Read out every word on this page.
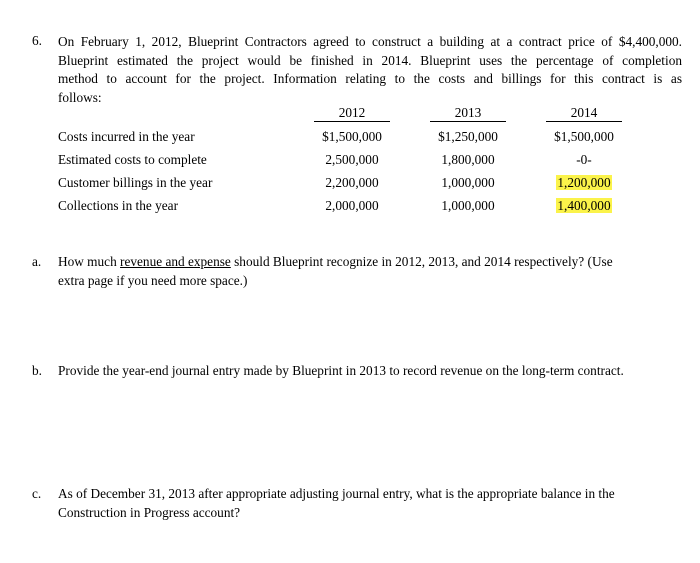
6. On February 1, 2012, Blueprint Contractors agreed to construct a building at a contract price of $4,400,000.
Blueprint estimated the project would be finished in 2014. Blueprint uses the percentage of completion
method to account for the project. Information relating to the costs and billings for this contract is as
follows:
2012	2013	2014
Costs incurred in the year	$1,500,000	$1,250,000	$1,500,000
Estimated costs to complete	2,500,000	1,800,000	-0-
Customer billings in the year	2,200,000	1,000,000	1,200,000
Collections in the year	2,000,000	1,000,000	1,400,000
a. How much revenue and expense should Blueprint recognize in 2012, 2013, and 2014 respectively? (Use
extra page if you need more space.)
b. Provide the year-end journal entry made by Blueprint in 2013 to record revenue on the long-term contract.
c. As of December 31, 2013 after appropriate adjusting journal entry, what is the appropriate balance in the
Construction in Progress account?
